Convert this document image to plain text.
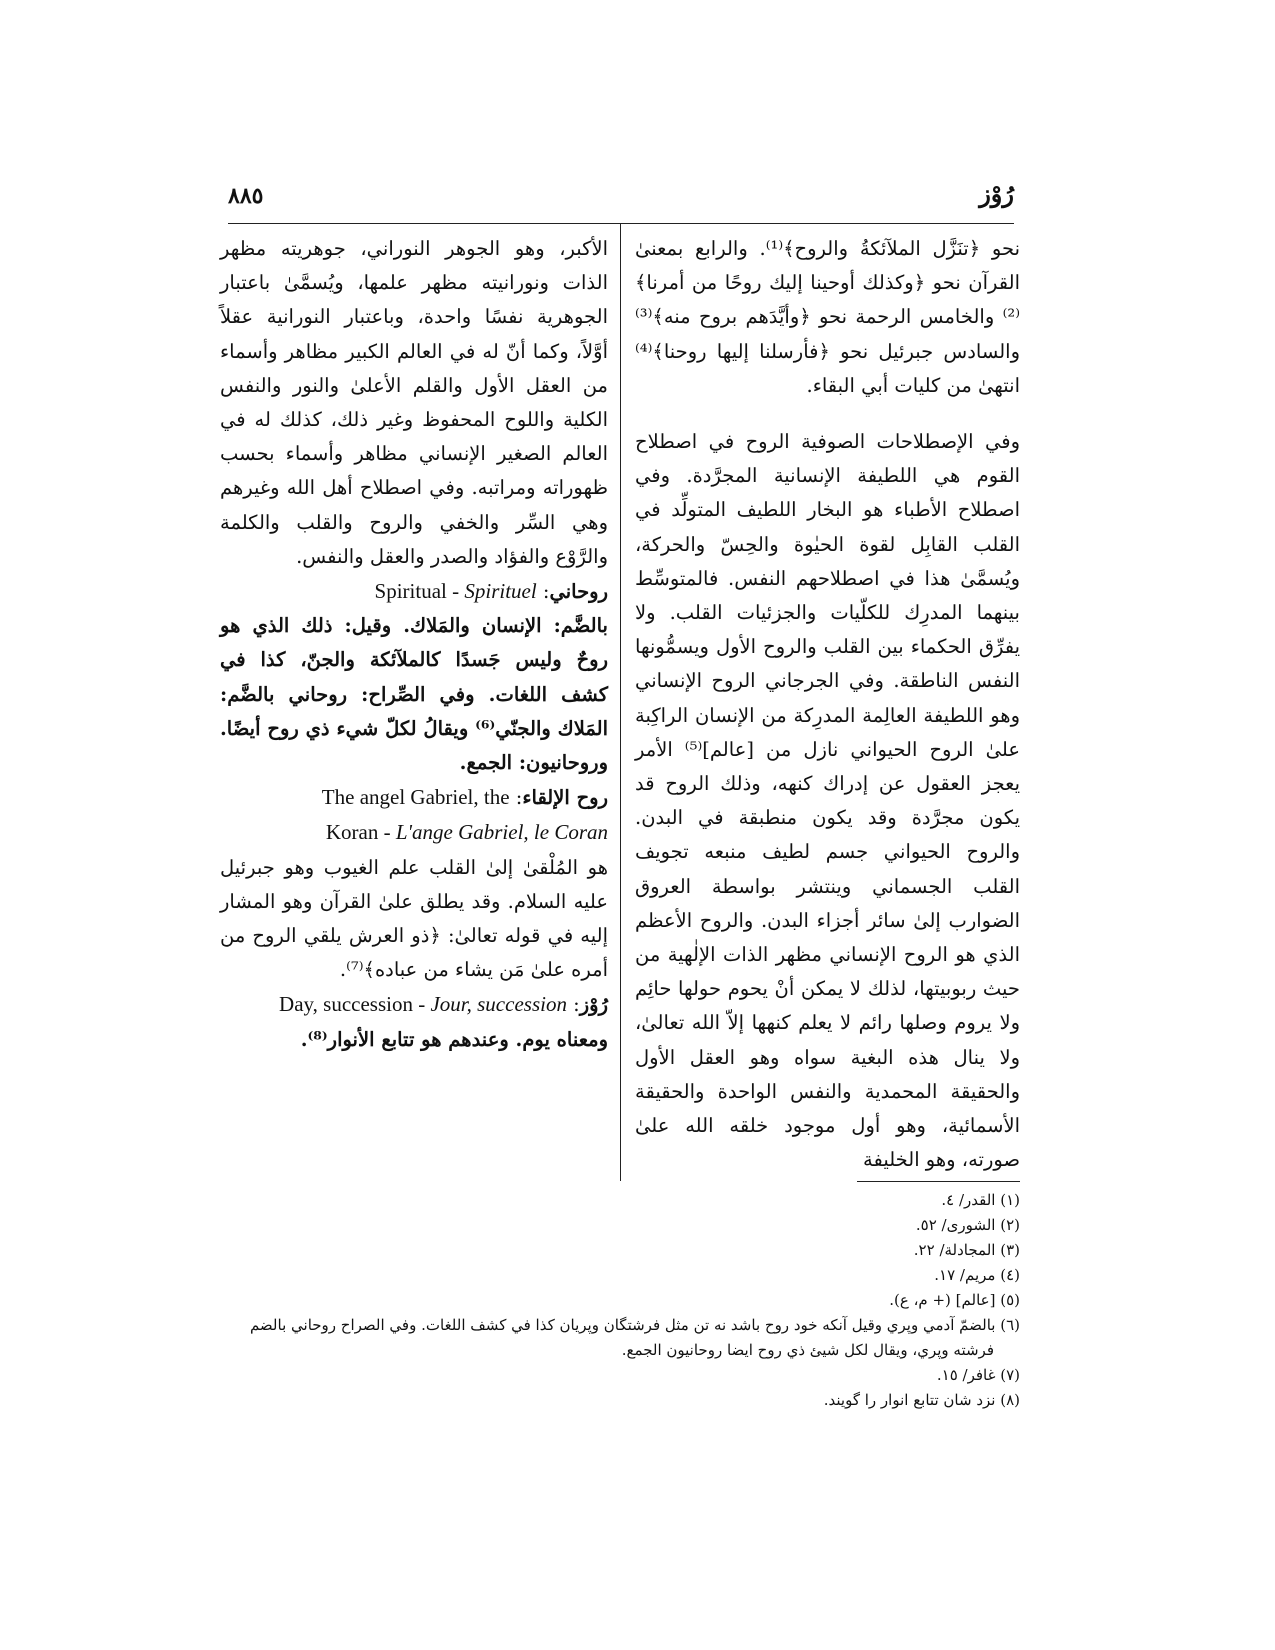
٨٨٥	رُوْز

نحو ﴿تنَزَّل الملآئكةُ والروح﴾⁽¹⁾. والرابع بمعنىٰ القرآن نحو ﴿وكذلك أوحينا إليك روحًا من أمرنا﴾⁽²⁾ والخامس الرحمة نحو ﴿وأيَّدَهم بروح منه﴾⁽³⁾ والسادس جبرئيل نحو ﴿فأرسلنا إليها روحنا﴾⁽⁴⁾ انتهىٰ من كليات أبي البقاء.

وفي الإصطلاحات الصوفية الروح في اصطلاح القوم هي اللطيفة الإنسانية المجرَّدة. وفي اصطلاح الأطباء هو البخار اللطيف المتولِّد في القلب القابِل لقوة الحيٰوة والحِسّ والحركة، ويُسمَّىٰ هذا في اصطلاحهم النفس. فالمتوسِّط بينهما المدرِك للكلّيات والجزئيات القلب. ولا يفرِّق الحكماء بين القلب والروح الأول ويسمُّونها النفس الناطقة. وفي الجرجاني الروح الإنساني وهو اللطيفة العالِمة المدرِكة من الإنسان الراكِبة علىٰ الروح الحيواني نازل من [عالم]⁽⁵⁾ الأمر يعجز العقول عن إدراك كنهه، وذلك الروح قد يكون مجرَّدة وقد يكون منطبقة في البدن. والروح الحيواني جسم لطيف منبعه تجويف القلب الجسماني وينتشر بواسطة العروق الضوارب إلىٰ سائر أجزاء البدن. والروح الأعظم الذي هو الروح الإنساني مظهر الذات الإلٰهية من حيث ربوبيتها، لذلك لا يمكن أنْ يحوم حولها حائِم ولا يروم وصلها رائم لا يعلم كنهها إلاّ الله تعالىٰ، ولا ينال هذه البغية سواه وهو العقل الأول والحقيقة المحمدية والنفس الواحدة والحقيقة الأسمائية، وهو أول موجود خلقه الله علىٰ صورته، وهو الخليفة

الأكبر، وهو الجوهر النوراني، جوهريته مظهر الذات ونورانيته مظهر علمها، ويُسمَّىٰ باعتبار الجوهرية نفسًا واحدة، وباعتبار النورانية عقلاً أوَّلاً، وكما أنّ له في العالم الكبير مظاهر وأسماء من العقل الأول والقلم الأعلىٰ والنور والنفس الكلية واللوح المحفوظ وغير ذلك، كذلك له في العالم الصغير الإنساني مظاهر وأسماء بحسب ظهوراته ومراتبه. وفي اصطلاح أهل الله وغيرهم وهي السِّر والخفي والروح والقلب والكلمة والرَّوْع والفؤاد والصدر والعقل والنفس.

روحاني: Spiritual - Spirituel

بالضَّم: الإنسان والمَلاك. وقيل: ذلك الذي هو روحٌ وليس جَسدًا كالملآئكة والجنّ، كذا في كشف اللغات. وفي الصِّراح: روحاني بالضَّم: المَلاك والجنّي⁽⁶⁾ ويقالُ لكلّ شيء ذي روح أيضًا. وروحانيون: الجمع.

روح الإلقاء: The angel Gabriel, the
Koran - L'ange Gabriel, le Coran

هو المُلْقىٰ إلىٰ القلب علم الغيوب وهو جبرئيل عليه السلام. وقد يطلق علىٰ القرآن وهو المشار إليه في قوله تعالىٰ: ﴿ذو العرش يلقي الروح من أمره علىٰ مَن يشاء من عباده﴾⁽⁷⁾.

رُوْز: Day, succession - Jour, succession

ومعناه يوم. وعندهم هو تتابع الأنوار⁽⁸⁾.

(١) القدر/ ٤.

(٢) الشورى/ ٥٢.

(٣) المجادلة/ ٢٢.

(٤) مريم/ ١٧.

(٥) [عالم] (+ م، ع).

(٦) بالضمّ آدمي وپري وقيل آنكه خود روح باشد نه تن مثل فرشتگان وپريان كذا في كشف اللغات. وفي الصراح روحاني بالضم

فرشته وپري، ويقال لكل شيئ ذي روح ايضا روحانيون الجمع.

(٧) غافر/ ١٥.

(٨) نزد شان تتابع انوار را گويند.
